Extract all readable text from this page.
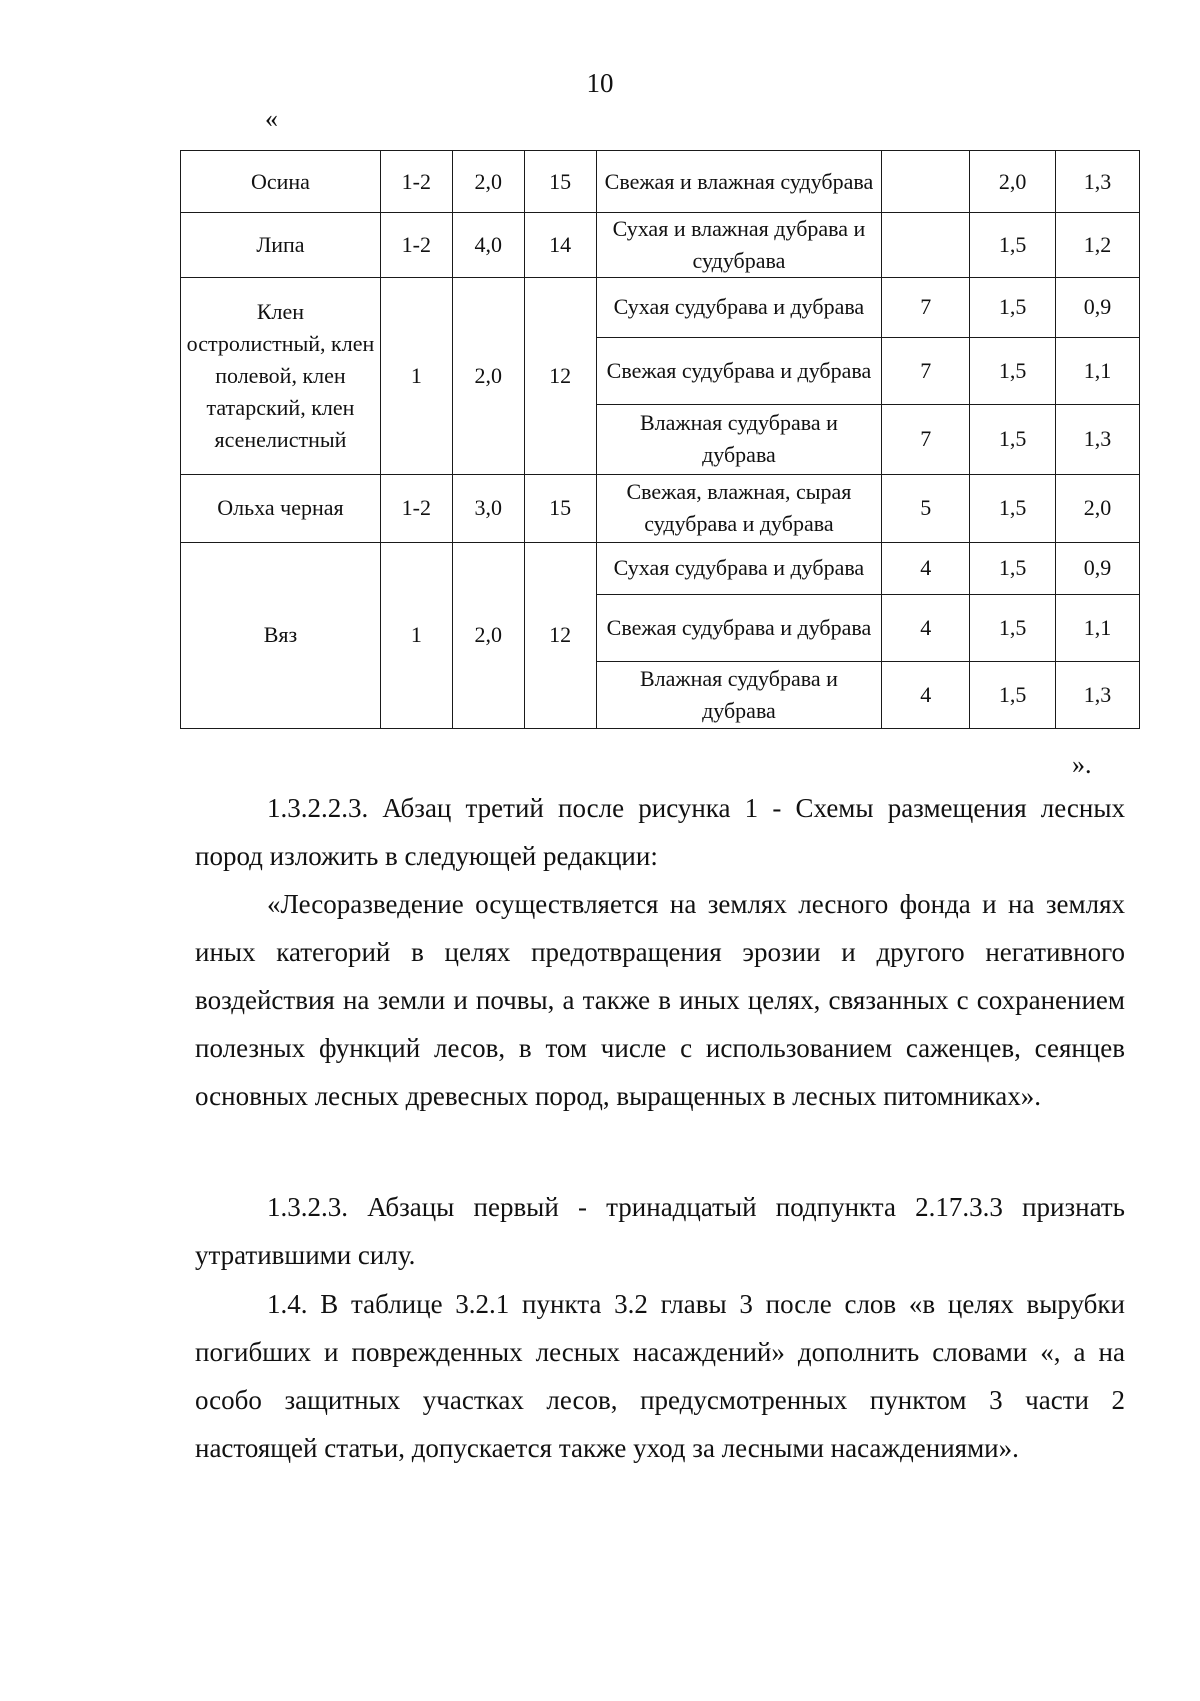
10
«
Осина	1-2	2,0	15	Свежая и влажная судубрава		2,0	1,3
Липа	1-2	4,0	14	Сухая и влажная дубрава и судубрава		1,5	1,2
Клен остролистный, клен полевой, клен татарский, клен ясенелистный	1	2,0	12	Сухая судубрава и дубрава	7	1,5	0,9
				Свежая судубрава и дубрава	7	1,5	1,1
				Влажная судубрава и дубрава	7	1,5	1,3
Ольха черная	1-2	3,0	15	Свежая, влажная, сырая судубрава и дубрава	5	1,5	2,0
Вяз	1	2,0	12	Сухая судубрава и дубрава	4	1,5	0,9
				Свежая судубрава и дубрава	4	1,5	1,1
				Влажная судубрава и дубрава	4	1,5	1,3
».

1.3.2.2.3. Абзац третий после рисунка 1 - Схемы размещения лесных пород изложить в следующей редакции:

«Лесоразведение осуществляется на землях лесного фонда и на землях иных категорий в целях предотвращения эрозии и другого негативного воздействия на земли и почвы, а также в иных целях, связанных с сохранением полезных функций лесов, в том числе с использованием саженцев, сеянцев основных лесных древесных пород, выращенных в лесных питомниках».

1.3.2.3. Абзацы первый - тринадцатый подпункта 2.17.3.3 признать утратившими силу.

1.4. В таблице 3.2.1 пункта 3.2 главы 3 после слов «в целях вырубки погибших и поврежденных лесных насаждений» дополнить словами «, а на особо защитных участках лесов, предусмотренных пунктом 3 части 2 настоящей статьи, допускается также уход за лесными насаждениями».
